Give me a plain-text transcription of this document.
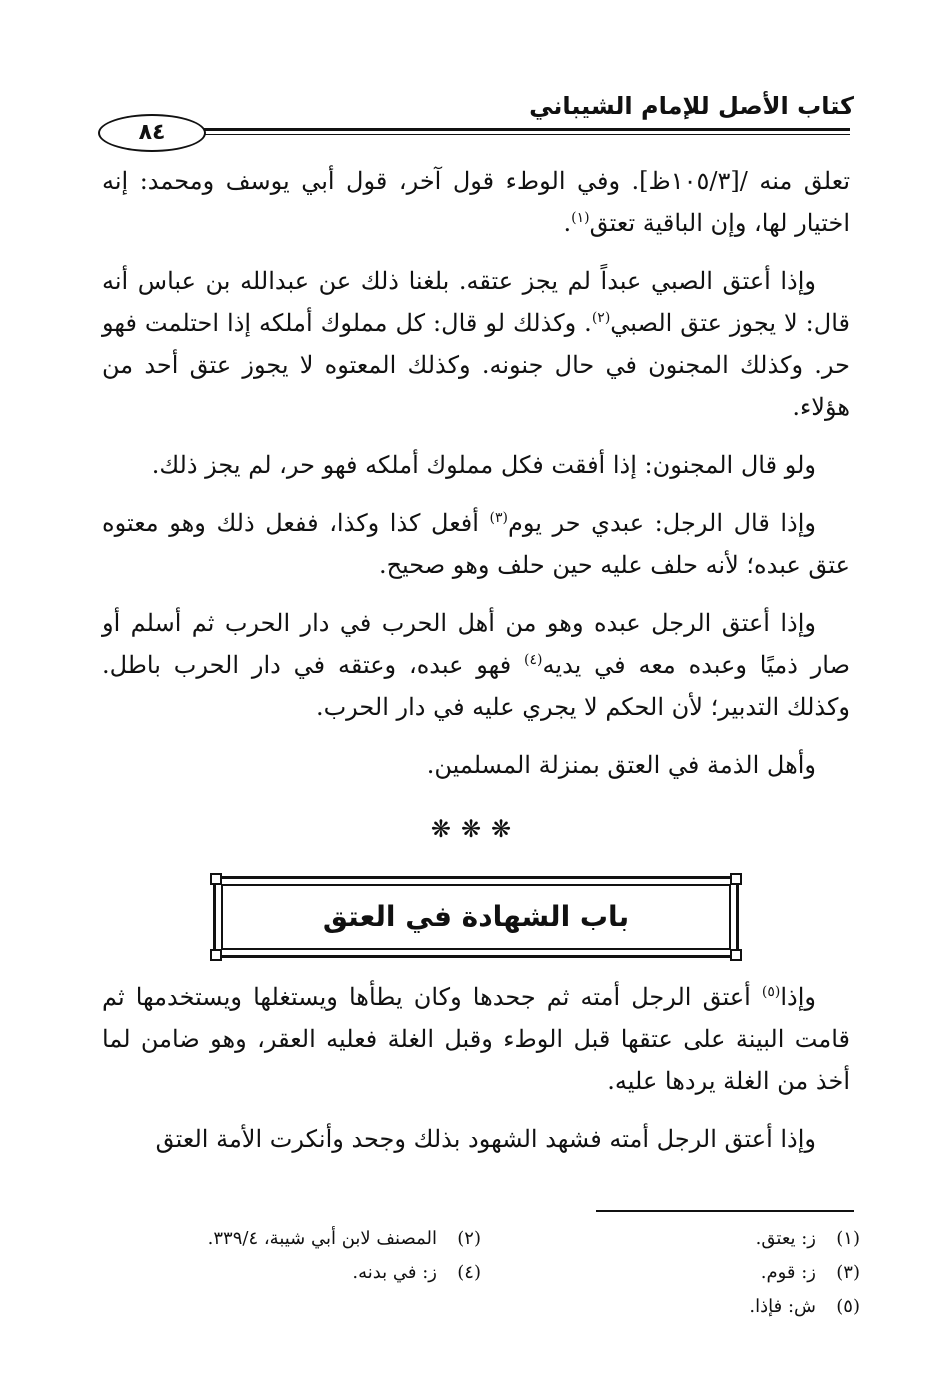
كتاب الأصل للإمام الشيباني
٨٤

تعلق منه /[١٠٥/٣ظ]. وفي الوطء قول آخر، قول أبي يوسف ومحمد: إنه اختيار لها، وإن الباقية تعتق$^{(١)}$.

وإذا أعتق الصبي عبداً لم يجز عتقه. بلغنا ذلك عن عبدالله بن عباس أنه قال: لا يجوز عتق الصبي$^{(٢)}$. وكذلك لو قال: كل مملوك أملكه إذا احتلمت فهو حر. وكذلك المجنون في حال جنونه. وكذلك المعتوه لا يجوز عتق أحد من هؤلاء.

ولو قال المجنون: إذا أفقت فكل مملوك أملكه فهو حر، لم يجز ذلك.

وإذا قال الرجل: عبدي حر يوم$^{(٣)}$ أفعل كذا وكذا، ففعل ذلك وهو معتوه عتق عبده؛ لأنه حلف عليه حين حلف وهو صحيح.

وإذا أعتق الرجل عبده وهو من أهل الحرب في دار الحرب ثم أسلم أو صار ذميًا وعبده معه في يديه$^{(٤)}$ فهو عبده، وعتقه في دار الحرب باطل. وكذلك التدبير؛ لأن الحكم لا يجري عليه في دار الحرب.

وأهل الذمة في العتق بمنزلة المسلمين.

❋❋❋
باب الشهادة في العتق

وإذا$^{(٥)}$ أعتق الرجل أمته ثم جحدها وكان يطأها ويستغلها ويستخدمها ثم قامت البينة على عتقها قبل الوطء وقبل الغلة فعليه العقر، وهو ضامن لما أخذ من الغلة يردها عليه.

وإذا أعتق الرجل أمته فشهد الشهود بذلك وجحد وأنكرت الأمة العتق

(١)
ز: يعتق.
(٢)
المصنف لابن أبي شيبة، ٣٣٩/٤.
(٣)
ز: قوم.
(٤)
ز: في بدنه.
(٥)
ش: فإذا.
